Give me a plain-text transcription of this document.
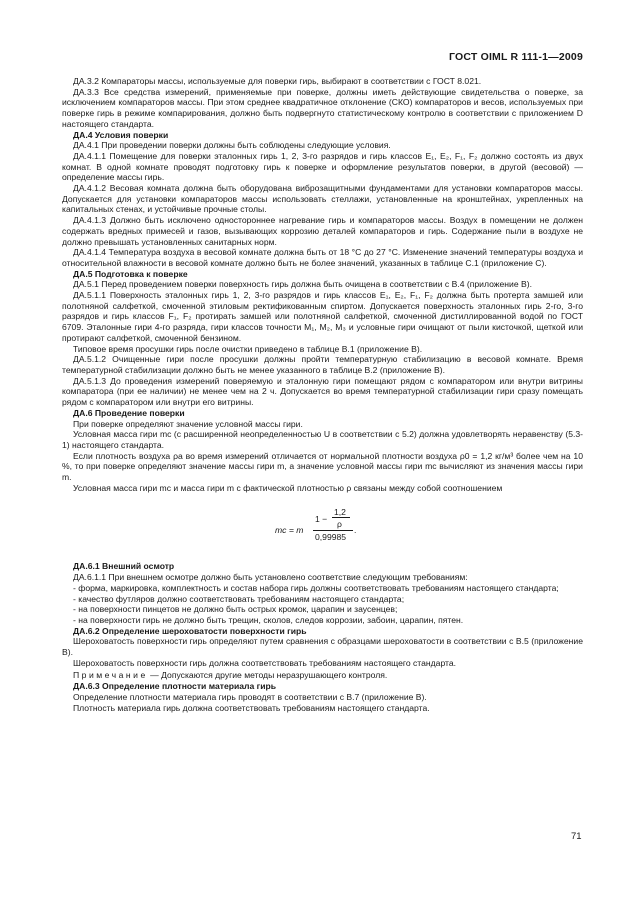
ГОСТ OIML R 111-1—2009

ДА.3.2 Компараторы массы, используемые для поверки гирь, выбирают в соответствии с ГОСТ 8.021.

ДА.3.3 Все средства измерений, применяемые при поверке, должны иметь действующие свидетельства о поверке, за исключением компараторов массы. При этом среднее квадратичное отклонение (СКО) компараторов и весов, используемых при поверке гирь в режиме компарирования, должно быть подвергнуто статистическому контролю в соответствии с приложением D настоящего стандарта.

ДА.4 Условия поверки

ДА.4.1 При проведении поверки должны быть соблюдены следующие условия.

ДА.4.1.1 Помещение для поверки эталонных гирь 1, 2, 3-го разрядов и гирь классов E₁, E₂, F₁, F₂ должно состоять из двух комнат. В одной комнате проводят подготовку гирь к поверке и оформление результатов поверки, в другой (весовой) — определение массы гирь.

ДА.4.1.2 Весовая комната должна быть оборудована виброзащитными фундаментами для установки компараторов массы. Допускается для установки компараторов массы использовать стеллажи, установленные на кронштейнах, укрепленных на капитальных стенах, и устойчивые прочные столы.

ДА.4.1.3 Должно быть исключено одностороннее нагревание гирь и компараторов массы. Воздух в помещении не должен содержать вредных примесей и газов, вызывающих коррозию деталей компараторов и гирь. Содержание пыли в воздухе не должно превышать установленных санитарных норм.

ДА.4.1.4 Температура воздуха в весовой комнате должна быть от 18 °С до 27 °С. Изменение значений температуры воздуха и относительной влажности в весовой комнате должно быть не более значений, указанных в таблице С.1 (приложение С).

ДА.5 Подготовка к поверке

ДА.5.1 Перед проведением поверки поверхность гирь должна быть очищена в соответствии с В.4 (приложение В).

ДА.5.1.1 Поверхность эталонных гирь 1, 2, 3-го разрядов и гирь классов E₁, E₂, F₁, F₂ должна быть протерта замшей или полотняной салфеткой, смоченной этиловым ректификованным спиртом. Допускается поверхность эталонных гирь 2-го, 3-го разрядов и гирь классов F₁, F₂ протирать замшей или полотняной салфеткой, смоченной дистиллированной водой по ГОСТ 6709. Эталонные гири 4-го разряда, гири классов точности M₁, M₂, M₃ и условные гири очищают от пыли кисточкой, щеткой или протирают салфеткой, смоченной бензином.

Типовое время просушки гирь после очистки приведено в таблице В.1 (приложение В).

ДА.5.1.2 Очищенные гири после просушки должны пройти температурную стабилизацию в весовой комнате. Время температурной стабилизации должно быть не менее указанного в таблице В.2 (приложение В).

ДА.5.1.3 До проведения измерений поверяемую и эталонную гири помещают рядом с компаратором или внутри витрины компаратора (при ее наличии) не менее чем на 2 ч. Допускается во время температурной стабилизации гири сразу помещать рядом с компаратором или внутри его витрины.

ДА.6 Проведение поверки

При поверке определяют значение условной массы гири.

Условная масса гири mc (с расширенной неопределенностью U в соответствии с 5.2) должна удовлетворять неравенству (5.3-1) настоящего стандарта.

Если плотность воздуха ρa во время измерений отличается от нормальной плотности воздуха ρ0 = 1,2 кг/м³ более чем на 10 %, то при поверке определяют значение массы гири m, а значение условной массы гири mc вычисляют из значения массы гири m.

Условная масса гири mc и масса гири m с фактической плотностью ρ связаны между собой соотношением

mc = m
1 −
1,2
ρ
0,99985
.

ДА.6.1 Внешний осмотр

ДА.6.1.1 При внешнем осмотре должно быть установлено соответствие следующим требованиям:

- форма, маркировка, комплектность и состав набора гирь должны соответствовать требованиям настоящего стандарта;

- качество футляров должно соответствовать требованиям настоящего стандарта;

- на поверхности пинцетов не должно быть острых кромок, царапин и заусенцев;

- на поверхности гирь не должно быть трещин, сколов, следов коррозии, забоин, царапин, пятен.

ДА.6.2 Определение шероховатости поверхности гирь

Шероховатость поверхности гирь определяют путем сравнения с образцами шероховатости в соответствии с В.5 (приложение В).

Шероховатость поверхности гирь должна соответствовать требованиям настоящего стандарта.

Примечание — Допускаются другие методы неразрушающего контроля.

ДА.6.3 Определение плотности материала гирь

Определение плотности материала гирь проводят в соответствии с В.7 (приложение В).

Плотность материала гирь должна соответствовать требованиям настоящего стандарта.

71
